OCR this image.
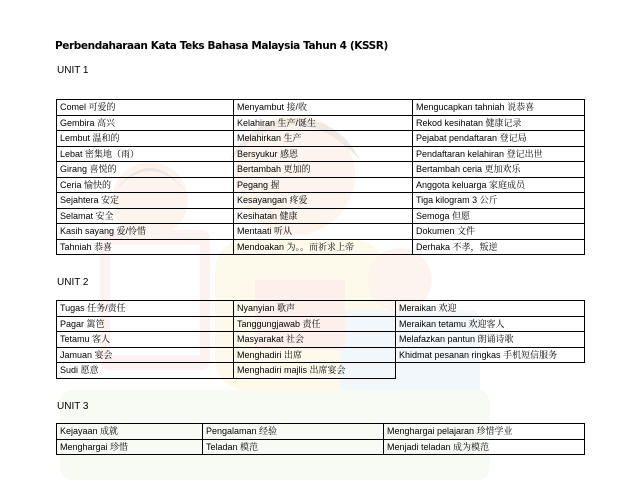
Perbendaharaan Kata Teks Bahasa Malaysia Tahun 4 (KSSR)
UNIT 1
Comel 可爱的	Menyambut 接/收	Mengucapkan tahniah 说恭喜
Gembira 高兴	Kelahiran 生产/诞生	Rekod kesihatan 健康记录
Lembut 温和的	Melahirkan 生产	Pejabat pendaftaran 登记局
Lebat 密集地（雨）	Bersyukur 感恩	Pendaftaran kelahiran 登记出世
Girang 喜悦的	Bertambah 更加的	Bertambah ceria 更加欢乐
Ceria 愉快的	Pegang 握	Anggota keluarga 家庭成员
Sejahtera 安定	Kesayangan 疼爱	Tiga kilogram 3 公斤
Selamat 安全	Kesihatan 健康	Semoga 但愿
Kasih sayang 爱/怜惜	Mentaati 听从	Dokumen 文件
Tahniah 恭喜	Mendoakan 为。。而祈求上帝	Derhaka 不孝，叛逆
UNIT 2
Tugas 任务/责任	Nyanyian 歌声	Meraikan 欢迎
Pagar 篱笆	Tanggungjawab 责任	Meraikan tetamu 欢迎客人
Tetamu 客人	Masyarakat 社会	Melafazkan pantun 朗诵诗歌
Jamuan 宴会	Menghadiri 出席	Khidmat pesanan ringkas 手机短信服务
Sudi 愿意	Menghadiri majlis 出席宴会	
UNIT 3
Kejayaan 成就	Pengalaman 经验	Menghargai pelajaran 珍惜学业
Menghargai 珍惜	Teladan 模范	Menjadi teladan 成为模范
